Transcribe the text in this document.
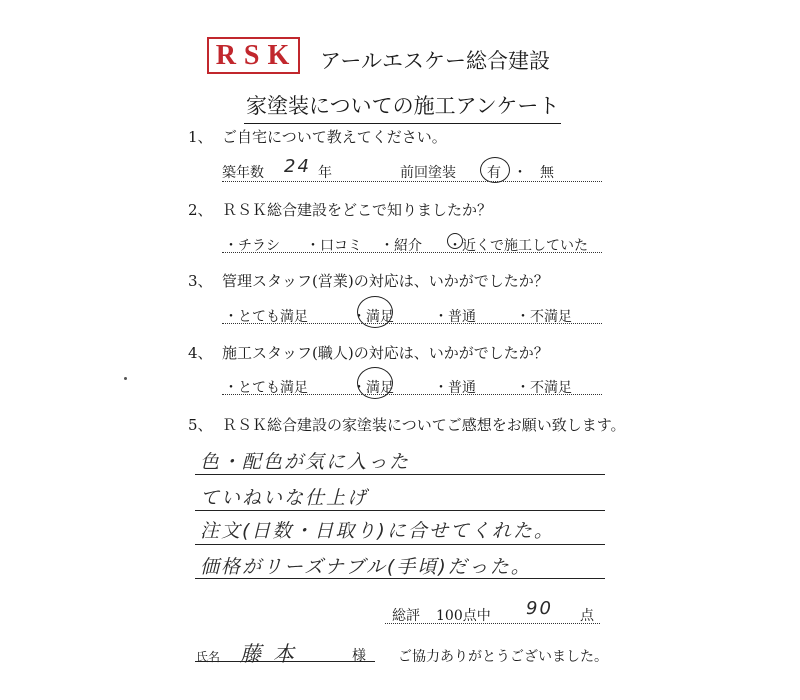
RSK アールエスケー総合建設
家塗装についての施工アンケート
1、 ご自宅について教えてください。
築年数 24 年	前回塗装 有 ・ 無
2、 ＲＳＫ総合建設をどこで知りましたか？
・チラシ ・口コミ ・紹介 ・近くで施工していた
3、 管理スタッフ(営業)の対応は、いかがでしたか？
・とても満足	・満足	・普通	・不満足
4、 施工スタッフ(職人)の対応は、いかがでしたか？
・とても満足	・満足	・普通	・不満足
5、 ＲＳＫ総合建設の家塗装についてご感想をお願い致します。
色・配色が気に入った
ていねいな仕上げ
注文(日数・日取り)に合せてくれた。
価格がリーズナブル(手頃)だった。
総評 100点中 90 点
氏名 藤本	様 ご協力ありがとうございました。
